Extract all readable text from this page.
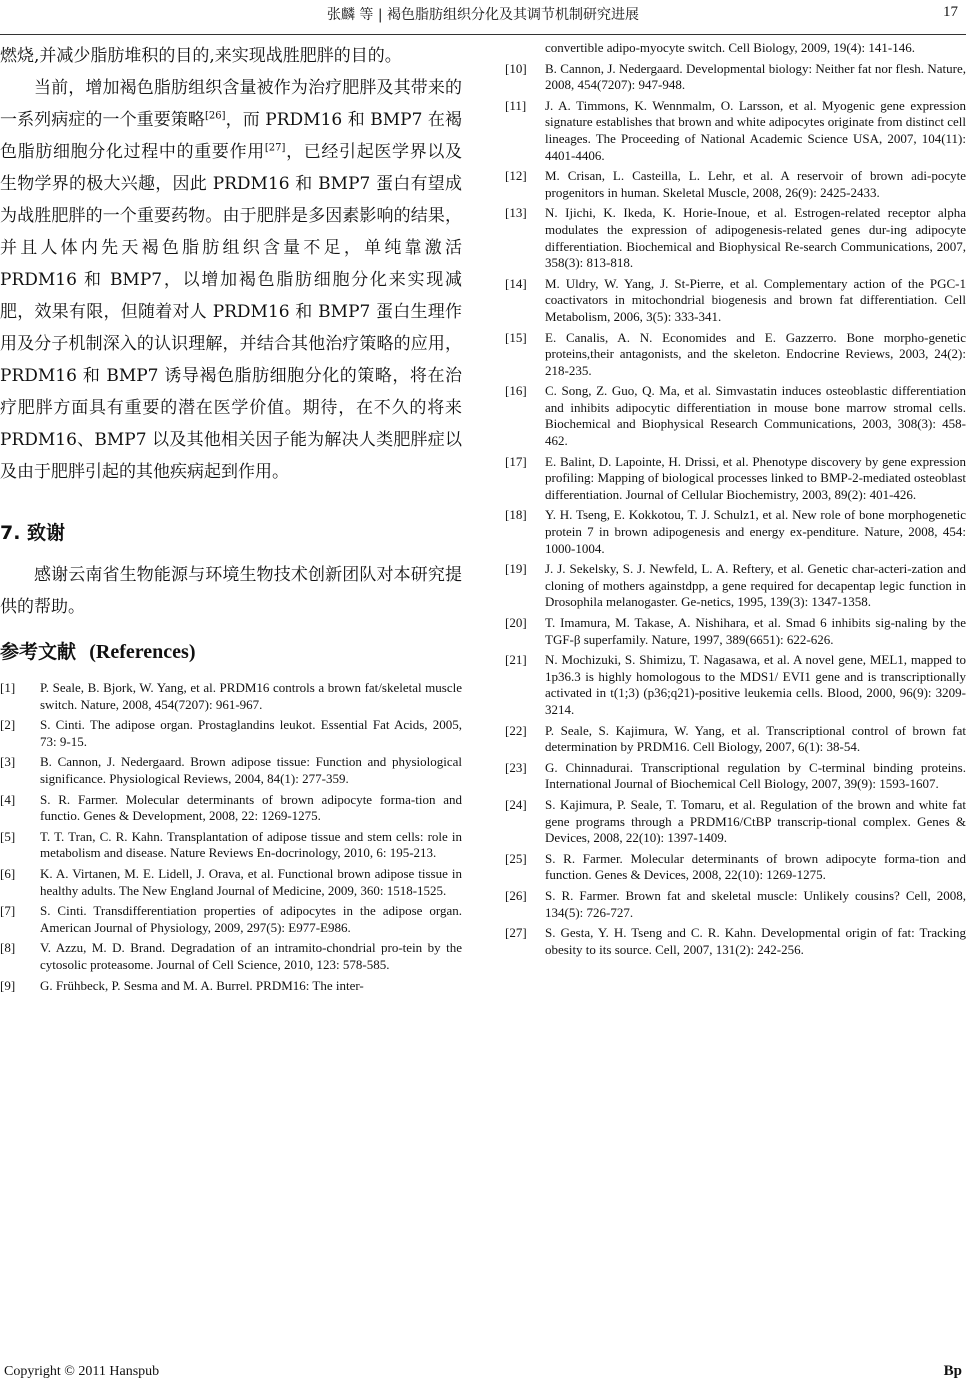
张麟 等 | 褐色脂肪组织分化及其调节机制研究进展	17

燃烧,并减少脂肪堆积的目的,来实现战胜肥胖的目的。

当前，增加褐色脂肪组织含量被作为治疗肥胖及其带来的一系列病症的一个重要策略[26]，而 PRDM16 和 BMP7 在褐色脂肪细胞分化过程中的重要作用[27]，已经引起医学界以及生物学界的极大兴趣，因此 PRDM16 和 BMP7 蛋白有望成为战胜肥胖的一个重要药物。由于肥胖是多因素影响的结果，并且人体内先天褐色脂肪组织含量不足，单纯靠激活 PRDM16 和 BMP7，以增加褐色脂肪细胞分化来实现减肥，效果有限，但随着对人 PRDM16 和 BMP7 蛋白生理作用及分子机制深入的认识理解，并结合其他治疗策略的应用，PRDM16 和 BMP7 诱导褐色脂肪细胞分化的策略，将在治疗肥胖方面具有重要的潜在医学价值。期待，在不久的将来 PRDM16、BMP7 以及其他相关因子能为解决人类肥胖症以及由于肥胖引起的其他疾病起到作用。

7. 致谢

感谢云南省生物能源与环境生物技术创新团队对本研究提供的帮助。

参考文献 (References)
[1]	P. Seale, B. Bjork, W. Yang, et al. PRDM16 controls a brown fat/skeletal muscle switch. Nature, 2008, 454(7207): 961-967.
[2]	S. Cinti. The adipose organ. Prostaglandins leukot. Essential Fat Acids, 2005, 73: 9-15.
[3]	B. Cannon, J. Nedergaard. Brown adipose tissue: Function and physiological significance. Physiological Reviews, 2004, 84(1): 277-359.
[4]	S. R. Farmer. Molecular determinants of brown adipocyte forma-tion and functio. Genes & Development, 2008, 22: 1269-1275.
[5]	T. T. Tran, C. R. Kahn. Transplantation of adipose tissue and stem cells: role in metabolism and disease. Nature Reviews En-docrinology, 2010, 6: 195-213.
[6]	K. A. Virtanen, M. E. Lidell, J. Orava, et al. Functional brown adipose tissue in healthy adults. The New England Journal of Medicine, 2009, 360: 1518-1525.
[7]	S. Cinti. Transdifferentiation properties of adipocytes in the adipose organ. American Journal of Physiology, 2009, 297(5): E977-E986.
[8]	V. Azzu, M. D. Brand. Degradation of an intramito-chondrial pro-tein by the cytosolic proteasome. Journal of Cell Science, 2010, 123: 578-585.
[9]	G. Frühbeck, P. Sesma and M. A. Burrel. PRDM16: The inter-
convertible adipo-myocyte switch. Cell Biology, 2009, 19(4): 141-146.
[10]	B. Cannon, J. Nedergaard. Developmental biology: Neither fat nor flesh. Nature, 2008, 454(7207): 947-948.
[11]	J. A. Timmons, K. Wennmalm, O. Larsson, et al. Myogenic gene expression signature establishes that brown and white adipocytes originate from distinct cell lineages. The Proceeding of National Academic Science USA, 2007, 104(11): 4401-4406.
[12]	M. Crisan, L. Casteilla, L. Lehr, et al. A reservoir of brown adi-pocyte progenitors in human. Skeletal Muscle, 2008, 26(9): 2425-2433.
[13]	N. Ijichi, K. Ikeda, K. Horie-Inoue, et al. Estrogen-related receptor alpha modulates the expression of adipogenesis-related genes dur-ing adipocyte differentiation. Biochemical and Biophysical Re-search Communications, 2007, 358(3): 813-818.
[14]	M. Uldry, W. Yang, J. St-Pierre, et al. Complementary action of the PGC-1 coactivators in mitochondrial biogenesis and brown fat differentiation. Cell Metabolism, 2006, 3(5): 333-341.
[15]	E. Canalis, A. N. Economides and E. Gazzerro. Bone morpho-genetic proteins,their antagonists, and the skeleton. Endocrine Reviews, 2003, 24(2): 218-235.
[16]	C. Song, Z. Guo, Q. Ma, et al. Simvastatin induces osteoblastic differentiation and inhibits adipocytic differentiation in mouse bone marrow stromal cells. Biochemical and Biophysical Research Communications, 2003, 308(3): 458-462.
[17]	E. Balint, D. Lapointe, H. Drissi, et al. Phenotype discovery by gene expression profiling: Mapping of biological processes linked to BMP-2-mediated osteoblast differentiation. Journal of Cellular Biochemistry, 2003, 89(2): 401-426.
[18]	Y. H. Tseng, E. Kokkotou, T. J. Schulz1, et al. New role of bone morphogenetic protein 7 in brown adipogenesis and energy ex-penditure. Nature, 2008, 454: 1000-1004.
[19]	J. J. Sekelsky, S. J. Newfeld, L. A. Reftery, et al. Genetic char-acteri-zation and cloning of mothers againstdpp, a gene required for decapentap legic function in Drosophila melanogaster. Ge-netics, 1995, 139(3): 1347-1358.
[20]	T. Imamura, M. Takase, A. Nishihara, et al. Smad 6 inhibits sig-naling by the TGF-β superfamily. Nature, 1997, 389(6651): 622-626.
[21]	N. Mochizuki, S. Shimizu, T. Nagasawa, et al. A novel gene, MEL1, mapped to 1p36.3 is highly homologous to the MDS1/ EVI1 gene and is transcriptionally activated in t(1;3) (p36;q21)-positive leukemia cells. Blood, 2000, 96(9): 3209-3214.
[22]	P. Seale, S. Kajimura, W. Yang, et al. Transcriptional control of brown fat determination by PRDM16. Cell Biology, 2007, 6(1): 38-54.
[23]	G. Chinnadurai. Transcriptional regulation by C-terminal binding proteins. International Journal of Biochemical Cell Biology, 2007, 39(9): 1593-1607.
[24]	S. Kajimura, P. Seale, T. Tomaru, et al. Regulation of the brown and white fat gene programs through a PRDM16/CtBP transcrip-tional complex. Genes & Devices, 2008, 22(10): 1397-1409.
[25]	S. R. Farmer. Molecular determinants of brown adipocyte forma-tion and function. Genes & Devices, 2008, 22(10): 1269-1275.
[26]	S. R. Farmer. Brown fat and skeletal muscle: Unlikely cousins? Cell, 2008, 134(5): 726-727.
[27]	S. Gesta, Y. H. Tseng and C. R. Kahn. Developmental origin of fat: Tracking obesity to its source. Cell, 2007, 131(2): 242-256.
Copyright © 2011 Hanspub	Bp
